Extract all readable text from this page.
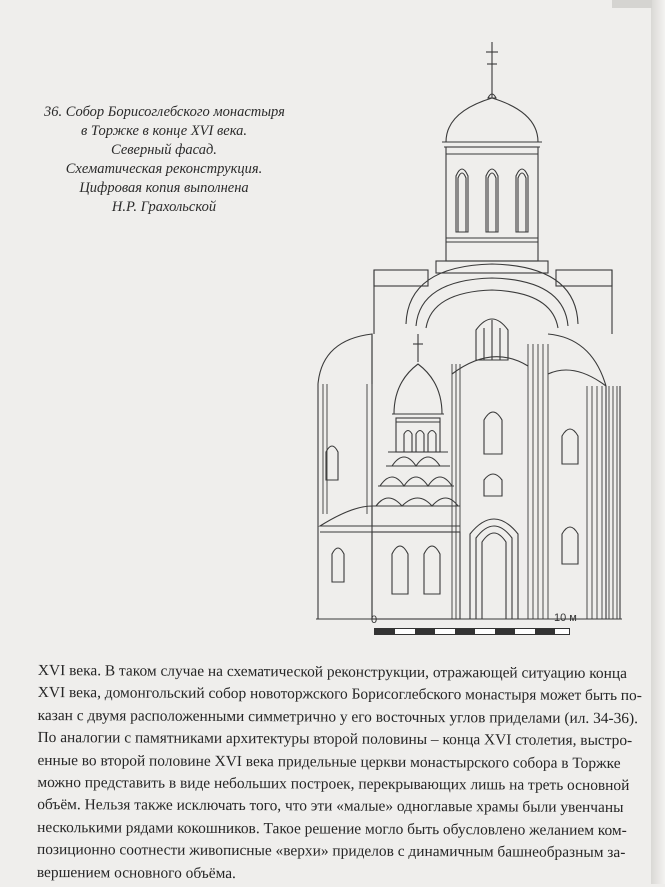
36. Собор Борисоглебского монастыря
в Торжке в конце XVI века.
Северный фасад.
Схематическая реконструкция.
Цифровая копия выполнена
Н.Р. Грахольской
0	10 м
XVI века. В таком случае на схематической реконструкции, отражающей ситуацию конца
XVI века, домонгольский собор новоторжского Борисоглебского монастыря может быть по-
казан с двумя расположенными симметрично у его восточных углов приделами (ил. 34-36).
По аналогии с памятниками архитектуры второй половины – конца XVI столетия, выстро-
енные во второй половине XVI века придельные церкви монастырского собора в Торжке
можно представить в виде небольших построек, перекрывающих лишь на треть основной
объём. Нельзя также исключать того, что эти «малые» одноглавые храмы были увенчаны
несколькими рядами кокошников. Такое решение могло быть обусловлено желанием ком-
позиционно соотнести живописные «верхи» приделов с динамичным башнеобразным за-
вершением основного объёма.
